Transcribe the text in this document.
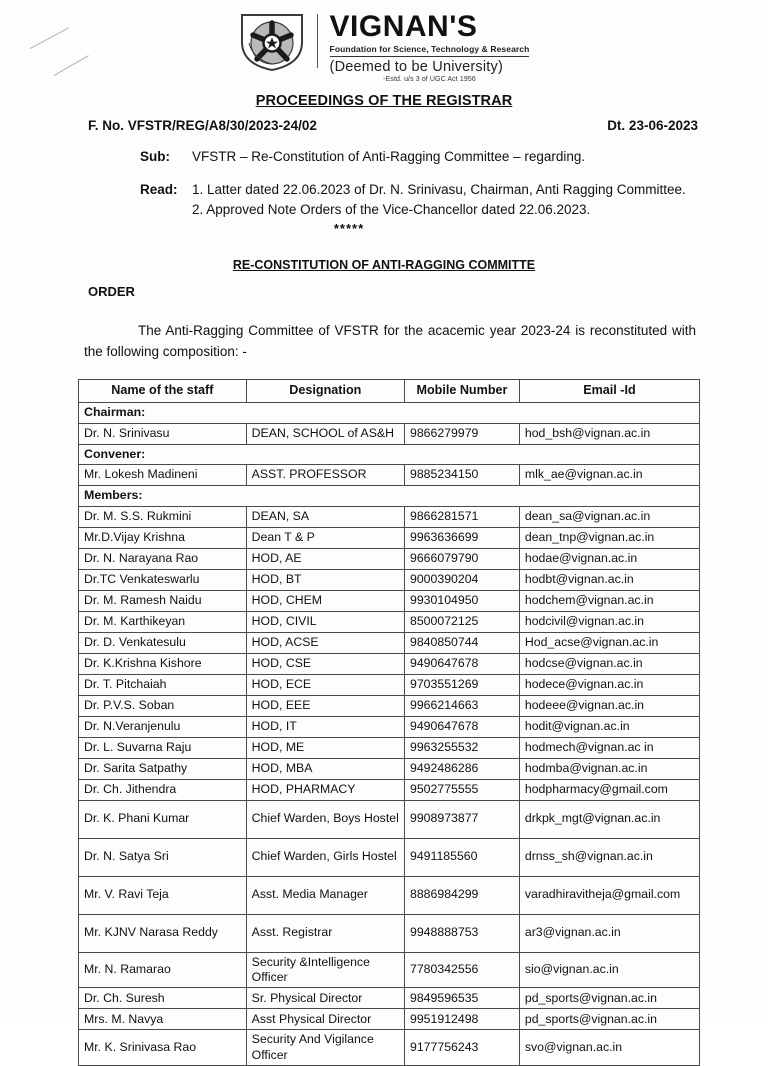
VIGNAN'S
Foundation for Science, Technology & Research
(Deemed to be University)
-Estd. u/s 3 of UGC Act 1956
PROCEEDINGS OF THE REGISTRAR
F. No. VFSTR/REG/A8/30/2023-24/02	Dt. 23-06-2023
Sub:	VFSTR – Re-Constitution of Anti-Ragging Committee – regarding.
Read:	1. Latter dated 22.06.2023 of Dr. N. Srinivasu, Chairman, Anti Ragging Committee.
2. Approved Note Orders of the Vice-Chancellor dated 22.06.2023.
*****
RE-CONSTITUTION OF ANTI-RAGGING COMMITTE
ORDER
The Anti-Ragging Committee of VFSTR for the acacemic year 2023-24 is reconstituted with the following composition: -
Name of the staff	Designation	Mobile Number	Email -Id
Chairman:			
Dr. N. Srinivasu	DEAN, SCHOOL of AS&H	9866279979	hod_bsh@vignan.ac.in
Convener:			
Mr. Lokesh Madineni	ASST. PROFESSOR	9885234150	mlk_ae@vignan.ac.in
Members:			
Dr. M. S.S. Rukmini	DEAN, SA	9866281571	dean_sa@vignan.ac.in
Mr.D.Vijay Krishna	Dean T & P	9963636699	dean_tnp@vignan.ac.in
Dr. N. Narayana Rao	HOD, AE	9666079790	hodae@vignan.ac.in
Dr.TC Venkateswarlu	HOD, BT	9000390204	hodbt@vignan.ac.in
Dr. M. Ramesh Naidu	HOD, CHEM	9930104950	hodchem@vignan.ac.in
Dr. M. Karthikeyan	HOD, CIVIL	8500072125	hodcivil@vignan.ac.in
Dr. D. Venkatesulu	HOD, ACSE	9840850744	Hod_acse@vignan.ac.in
Dr. K.Krishna Kishore	HOD, CSE	9490647678	hodcse@vignan.ac.in
Dr. T. Pitchaiah	HOD, ECE	9703551269	hodece@vignan.ac.in
Dr. P.V.S. Soban	HOD, EEE	9966214663	hodeee@vignan.ac.in
Dr. N.Veranjenulu	HOD, IT	9490647678	hodit@vignan.ac.in
Dr. L. Suvarna Raju	HOD, ME	9963255532	hodmech@vignan.ac in
Dr. Sarita Satpathy	HOD, MBA	9492486286	hodmba@vignan.ac.in
Dr. Ch. Jithendra	HOD, PHARMACY	9502775555	hodpharmacy@gmail.com
Dr. K. Phani Kumar	Chief Warden, Boys Hostel	9908973877	drkpk_mgt@vignan.ac.in
Dr. N. Satya Sri	Chief Warden, Girls Hostel	9491185560	drnss_sh@vignan.ac.in
Mr. V. Ravi Teja	Asst. Media Manager	8886984299	varadhiravitheja@gmail.com
Mr. KJNV Narasa Reddy	Asst. Registrar	9948888753	ar3@vignan.ac.in
Mr. N. Ramarao	Security &Intelligence Officer	7780342556	sio@vignan.ac.in
Dr. Ch. Suresh	Sr. Physical Director	9849596535	pd_sports@vignan.ac.in
Mrs. M. Navya	Asst Physical Director	9951912498	pd_sports@vignan.ac.in
Mr. K. Srinivasa Rao	Security And Vigilance Officer	9177756243	svo@vignan.ac.in
